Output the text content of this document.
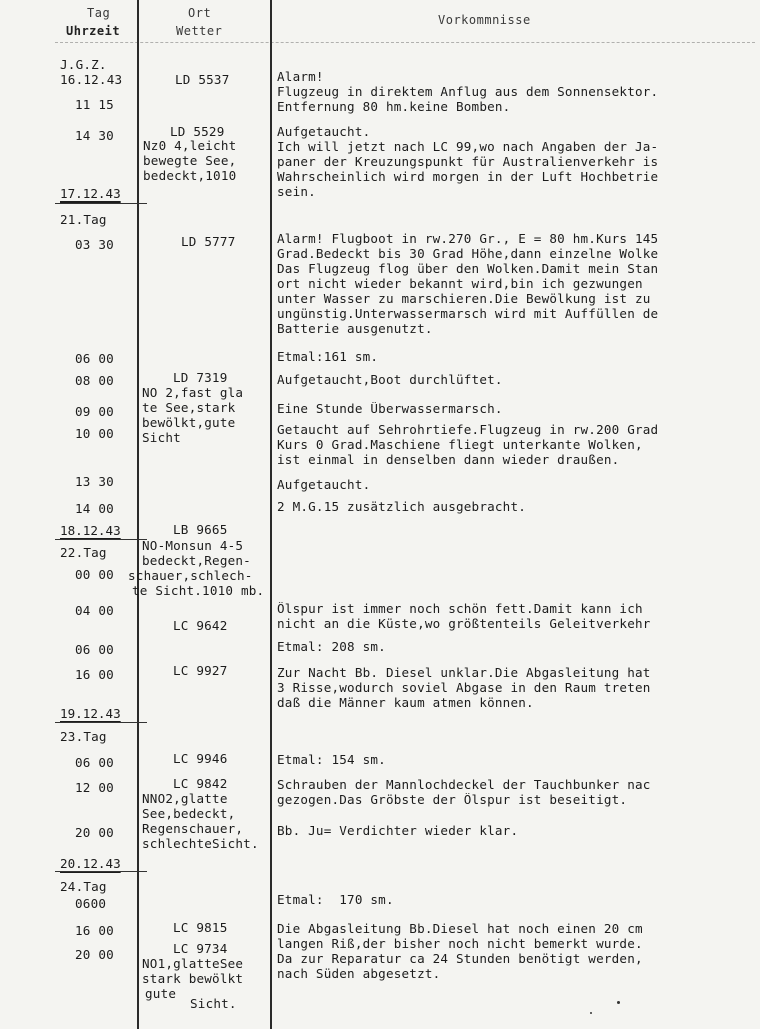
Tag
Uhrzeit
Ort
Wetter
Vorkommnisse
J.G.Z.
16.12.43
11 15
14 30
21.Tag
03 30
06 00
08 00
09 00
10 00
13 30
14 00
22.Tag
00 00
04 00
06 00
16 00
23.Tag
06 00
12 00
20 00
24.Tag
0600
16 00
20 00
17.12.43
18.12.43
19.12.43
20.12.43
LD 5537
LD 5529
Nz0 4,leicht
bewegte See,
bedeckt,1010
LD 5777
LD 7319
NO 2,fast gla
te See,stark
bewölkt,gute
Sicht
LB 9665
NO-Monsun 4-5
bedeckt,Regen-
schauer,schlech-
te Sicht.1010 mb.
LC 9642
LC 9927
LC 9946
LC 9842
NNO2,glatte
See,bedeckt,
Regenschauer,
schlechteSicht.
LC 9815
LC 9734
NO1,glatteSee
stark bewölkt
gute
Sicht.
Alarm!
Flugzeug in direktem Anflug aus dem Sonnensektor.
Entfernung 80 hm.keine Bomben.
Aufgetaucht.
Ich will jetzt nach LC 99,wo nach Angaben der Ja-
paner der Kreuzungspunkt für Australienverkehr is
Wahrscheinlich wird morgen in der Luft Hochbetrie
sein.
Alarm! Flugboot in rw.270 Gr., E = 80 hm.Kurs 145
Grad.Bedeckt bis 30 Grad Höhe,dann einzelne Wolke
Das Flugzeug flog über den Wolken.Damit mein Stan
ort nicht wieder bekannt wird,bin ich gezwungen
unter Wasser zu marschieren.Die Bewölkung ist zu
ungünstig.Unterwassermarsch wird mit Auffüllen de
Batterie ausgenutzt.
Etmal:161 sm.
Aufgetaucht,Boot durchlüftet.
Eine Stunde Überwassermarsch.
Getaucht auf Sehrohrtiefe.Flugzeug in rw.200 Grad
Kurs 0 Grad.Maschiene fliegt unterkante Wolken,
ist einmal in denselben dann wieder draußen.
Aufgetaucht.
2 M.G.15 zusätzlich ausgebracht.
Ölspur ist immer noch schön fett.Damit kann ich
nicht an die Küste,wo größtenteils Geleitverkehr
Etmal: 208 sm.
Zur Nacht Bb. Diesel unklar.Die Abgasleitung hat
3 Risse,wodurch soviel Abgase in den Raum treten
daß die Männer kaum atmen können.
Etmal: 154 sm.
Schrauben der Mannlochdeckel der Tauchbunker nac
gezogen.Das Gröbste der Ölspur ist beseitigt.
Bb. Ju= Verdichter wieder klar.
Etmal:  170 sm.
Die Abgasleitung Bb.Diesel hat noch einen 20 cm
langen Riß,der bisher noch nicht bemerkt wurde.
Da zur Reparatur ca 24 Stunden benötigt werden,
nach Süden abgesetzt.
